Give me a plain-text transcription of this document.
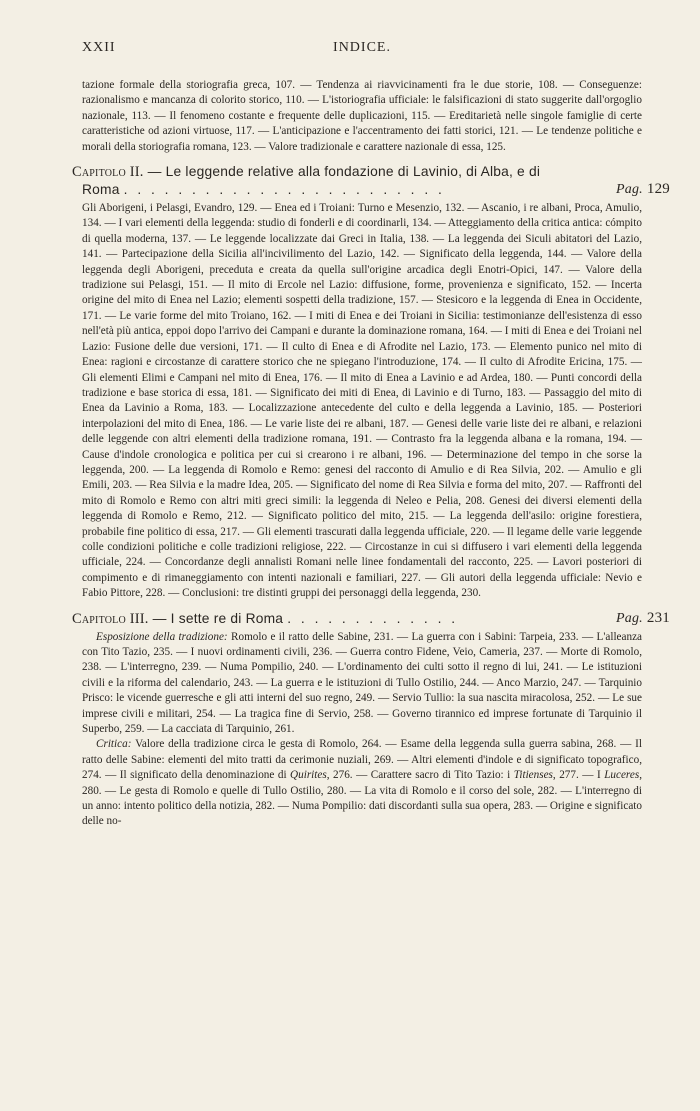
XXII	INDICE.

tazione formale della storiografia greca, 107. — Tendenza ai riavvicinamenti fra le due storie, 108. — Conseguenze: razionalismo e mancanza di colorito storico, 110. — L'istoriografia ufficiale: le falsificazioni di stato suggerite dall'orgoglio nazionale, 113. — Il fenomeno costante e frequente delle duplicazioni, 115. — Ereditarietà nelle singole famiglie di certe caratteristiche od azioni virtuose, 117. — L'anticipazione e l'accentramento dei fatti storici, 121. — Le tendenze politiche e morali della storiografia romana, 123. — Valore tradizionale e carattere nazionale di essa, 125.

Capitolo II. — Le leggende relative alla fondazione di Lavinio, di Alba, e di
Roma . . . . . . . . . . . . . . . . . . . . . . . .	Pag. 129

Gli Aborigeni, i Pelasgi, Evandro, 129. — Enea ed i Troiani: Turno e Mesenzio, 132. — Ascanio, i re albani, Proca, Amulio, 134. — I vari elementi della leggenda: studio di fonderli e di coordinarli, 134. — Atteggiamento della critica antica: cómpito di quella moderna, 137. — Le leggende localizzate dai Greci in Italia, 138. — La leggenda dei Siculi abitatori del Lazio, 141. — Partecipazione della Sicilia all'incivilimento del Lazio, 142. — Significato della leggenda, 144. — Valore della leggenda degli Aborigeni, preceduta e creata da quella sull'origine arcadica degli Enotri-Opici, 147. — Valore della tradizione sui Pelasgi, 151. — Il mito di Ercole nel Lazio: diffusione, forme, provenienza e significato, 152. — Incerta origine del mito di Enea nel Lazio; elementi sospetti della tradizione, 157. — Stesicoro e la leggenda di Enea in Occidente, 171. — Le varie forme del mito Troiano, 162. — I miti di Enea e dei Troiani in Sicilia: testimonianze dell'esistenza di esso nell'età più antica, eppoi dopo l'arrivo dei Campani e durante la dominazione romana, 164. — I miti di Enea e dei Troiani nel Lazio: Fusione delle due versioni, 171. — Il culto di Enea e di Afrodite nel Lazio, 173. — Elemento punico nel mito di Enea: ragioni e circostanze di carattere storico che ne spiegano l'introduzione, 174. — Il culto di Afrodite Ericina, 175. — Gli elementi Elimi e Campani nel mito di Enea, 176. — Il mito di Enea a Lavinio e ad Ardea, 180. — Punti concordi della tradizione e base storica di essa, 181. — Significato dei miti di Enea, di Lavinio e di Turno, 183. — Passaggio del mito di Enea da Lavinio a Roma, 183. — Localizzazione antecedente del culto e della leggenda a Lavinio, 185. — Posteriori interpolazioni del mito di Enea, 186. — Le varie liste dei re albani, 187. — Genesi delle varie liste dei re albani, e relazioni delle leggende con altri elementi della tradizione romana, 191. — Contrasto fra la leggenda albana e la romana, 194. — Cause d'indole cronologica e politica per cui si crearono i re albani, 196. — Determinazione del tempo in che sorse la leggenda, 200. — La leggenda di Romolo e Remo: genesi del racconto di Amulio e di Rea Silvia, 202. — Amulio e gli Emili, 203. — Rea Silvia e la madre Idea, 205. — Significato del nome di Rea Silvia e forma del mito, 207. — Raffronti del mito di Romolo e Remo con altri miti greci simili: la leggenda di Neleo e Pelia, 208. Genesi dei diversi elementi della leggenda di Romolo e Remo, 212. — Significato politico del mito, 215. — La leggenda dell'asilo: origine forestiera, probabile fine politico di essa, 217. — Gli elementi trascurati dalla leggenda ufficiale, 220. — Il legame delle varie leggende colle condizioni politiche e colle tradizioni religiose, 222. — Circostanze in cui si diffusero i vari elementi della leggenda ufficiale, 224. — Concordanze degli annalisti Romani nelle linee fondamentali del racconto, 225. — Lavori posteriori di compimento e di rimaneggiamento con intenti nazionali e familiari, 227. — Gli autori della leggenda ufficiale: Nevio e Fabio Pittore, 228. — Conclusioni: tre distinti gruppi dei personaggi della leggenda, 230.

Capitolo III. — I sette re di Roma . . . . . . . . . . . . .	Pag. 231

Esposizione della tradizione: Romolo e il ratto delle Sabine, 231. — La guerra con i Sabini: Tarpeia, 233. — L'alleanza con Tito Tazio, 235. — I nuovi ordinamenti civili, 236. — Guerra contro Fidene, Veio, Cameria, 237. — Morte di Romolo, 238. — L'interregno, 239. — Numa Pompilio, 240. — L'ordinamento dei culti sotto il regno di lui, 241. — Le istituzioni civili e la riforma del calendario, 243. — La guerra e le istituzioni di Tullo Ostilio, 244. — Anco Marzio, 247. — Tarquinio Prisco: le vicende guerresche e gli atti interni del suo regno, 249. — Servio Tullio: la sua nascita miracolosa, 252. — Le sue imprese civili e militari, 254. — La tragica fine di Servio, 258. — Governo tirannico ed imprese fortunate di Tarquinio il Superbo, 259. — La cacciata di Tarquinio, 261.

Critica: Valore della tradizione circa le gesta di Romolo, 264. — Esame della leggenda sulla guerra sabina, 268. — Il ratto delle Sabine: elementi del mito tratti da cerimonie nuziali, 269. — Altri elementi d'indole e di significato topografico, 274. — Il significato della denominazione di Quirites, 276. — Carattere sacro di Tito Tazio: i Titienses, 277. — I Luceres, 280. — Le gesta di Romolo e quelle di Tullo Ostilio, 280. — La vita di Romolo e il corso del sole, 282. — L'interregno di un anno: intento politico della notizia, 282. — Numa Pompilio: dati discordanti sulla sua opera, 283. — Origine e significato delle no-
